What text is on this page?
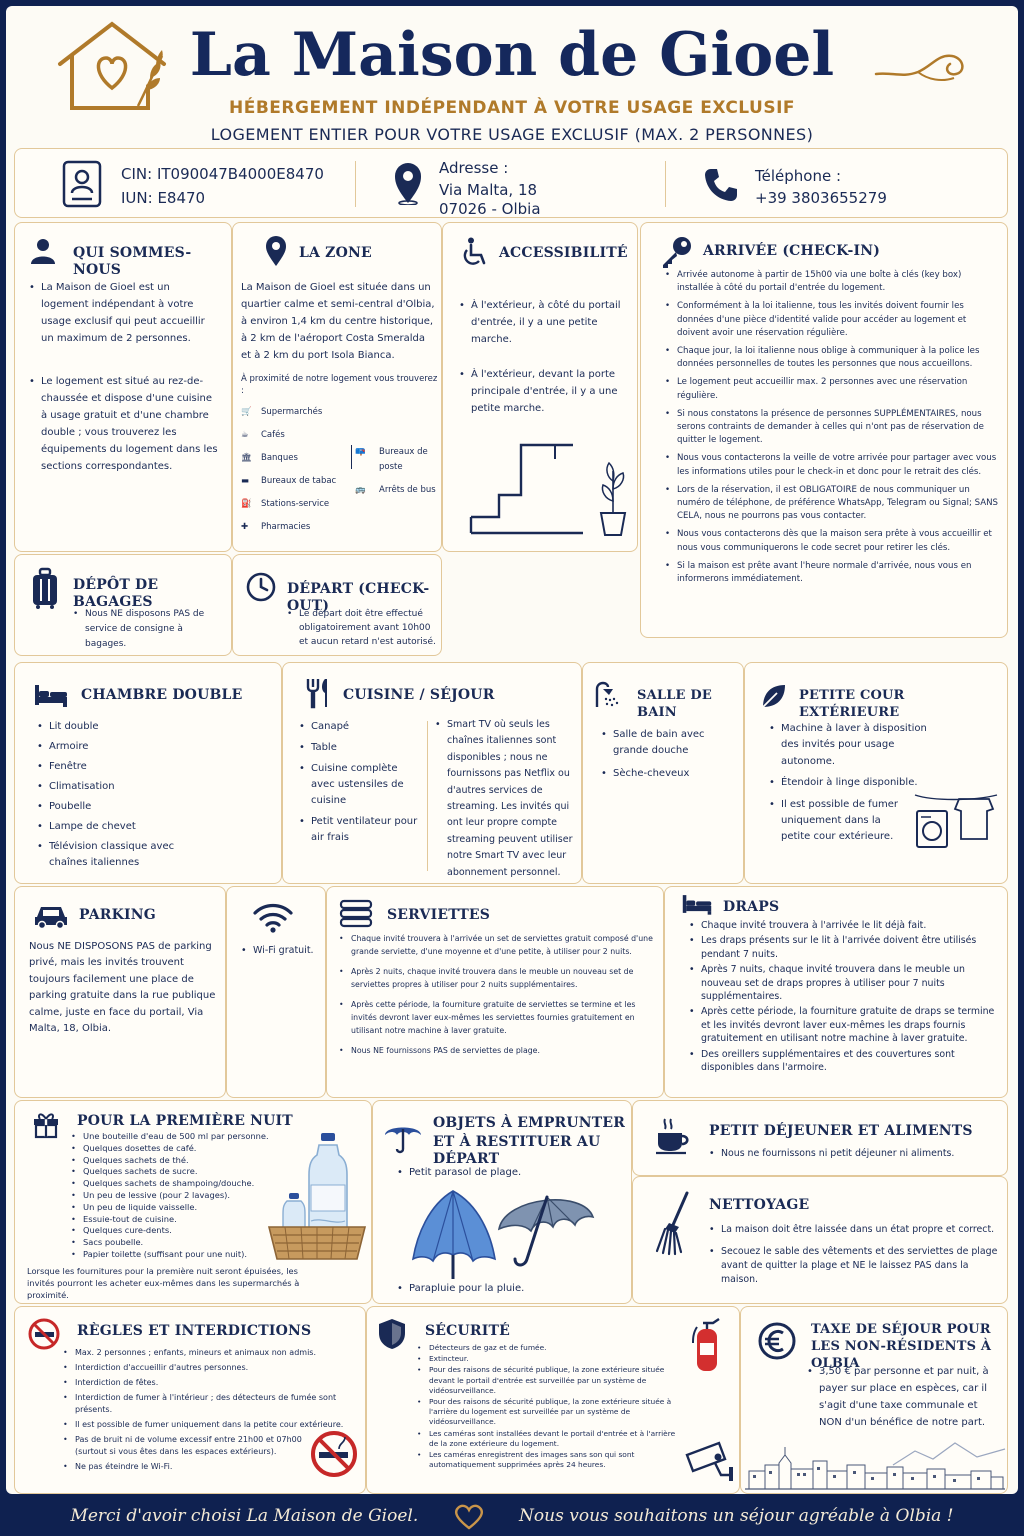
La Maison de Gioel
HÉBERGEMENT INDÉPENDANT À VOTRE USAGE EXCLUSIF
LOGEMENT ENTIER POUR VOTRE USAGE EXCLUSIF (MAX. 2 PERSONNES)
CIN: IT090047B4000E8470
IUN: E8470
Adresse :
Via Malta, 18
07026 - Olbia
Téléphone :
+39 3803655279
QUI SOMMES-NOUS
• La Maison de Gioel est un logement indépendant à votre usage exclusif qui peut accueillir un maximum de 2 personnes.
• Le logement est situé au rez-de-chaussée et dispose d'une cuisine à usage gratuit et d'une chambre double ; vous trouverez les équipements du logement dans les sections correspondantes.
LA ZONE

La Maison de Gioel est située dans un quartier calme et semi-central d'Olbia, à environ 1,4 km du centre historique, à 2 km de l'aéroport Costa Smeralda et à 2 km du port Isola Bianca.

À proximité de notre logement vous trouverez :

🛒 Supermarchés
☕ Cafés
🏛 Banques
▬ Bureaux de tabac
⛽ Stations-service
✚ Pharmacies
📪	Bureaux de poste
🚌	Arrêts de bus
ACCESSIBILITÉ
• À l'extérieur, à côté du portail d'entrée, il y a une petite marche.
• À l'extérieur, devant la porte principale d'entrée, il y a une petite marche.
ARRIVÉE (CHECK-IN)
• Arrivée autonome à partir de 15h00 via une boîte à clés (key box) installée à côté du portail d'entrée du logement.
• Conformément à la loi italienne, tous les invités doivent fournir les données d'une pièce d'identité valide pour accéder au logement et doivent avoir une réservation régulière.
• Chaque jour, la loi italienne nous oblige à communiquer à la police les données personnelles de toutes les personnes que nous accueillons.
• Le logement peut accueillir max. 2 personnes avec une réservation régulière.
• Si nous constatons la présence de personnes SUPPLÉMENTAIRES, nous serons contraints de demander à celles qui n'ont pas de réservation de quitter le logement.
• Nous vous contacterons la veille de votre arrivée pour partager avec vous les informations utiles pour le check-in et donc pour le retrait des clés.
• Lors de la réservation, il est OBLIGATOIRE de nous communiquer un numéro de téléphone, de préférence WhatsApp, Telegram ou Signal; SANS CELA, nous ne pourrons pas vous contacter.
• Nous vous contacterons dès que la maison sera prête à vous accueillir et nous vous communiquerons le code secret pour retirer les clés.
• Si la maison est prête avant l'heure normale d'arrivée, nous vous en informerons immédiatement.
DÉPÔT DE BAGAGES
• Nous NE disposons PAS de service de consigne à bagages.
DÉPART (CHECK-OUT)
• Le départ doit être effectué obligatoirement avant 10h00 et aucun retard n'est autorisé.
CHAMBRE DOUBLE
• Lit double
• Armoire
• Fenêtre
• Climatisation
• Poubelle
• Lampe de chevet
• Télévision classique avec chaînes italiennes
CUISINE / SÉJOUR
• Canapé
• Table
• Cuisine complète avec ustensiles de cuisine
• Petit ventilateur pour air frais
• Smart TV où seuls les chaînes italiennes sont disponibles ; nous ne fournissons pas Netflix ou d'autres services de streaming. Les invités qui ont leur propre compte streaming peuvent utiliser notre Smart TV avec leur abonnement personnel.
SALLE DE BAIN
• Salle de bain avec grande douche
• Sèche-cheveux
PETITE COUR EXTÉRIEURE
• Machine à laver à disposition des invités pour usage autonome.
• Étendoir à linge disponible.
• Il est possible de fumer uniquement dans la petite cour extérieure.
PARKING

Nous NE DISPOSONS PAS de parking privé, mais les invités trouvent toujours facilement une place de parking gratuite dans la rue publique calme, juste en face du portail, Via Malta, 18, Olbia.

• Wi-Fi gratuit.
SERVIETTES
• Chaque invité trouvera à l'arrivée un set de serviettes gratuit composé d'une grande serviette, d'une moyenne et d'une petite, à utiliser pour 2 nuits.
• Après 2 nuits, chaque invité trouvera dans le meuble un nouveau set de serviettes propres à utiliser pour 2 nuits supplémentaires.
• Après cette période, la fourniture gratuite de serviettes se termine et les invités devront laver eux-mêmes les serviettes fournies gratuitement en utilisant notre machine à laver gratuite.
• Nous NE fournissons PAS de serviettes de plage.
DRAPS
• Chaque invité trouvera à l'arrivée le lit déjà fait.
• Les draps présents sur le lit à l'arrivée doivent être utilisés pendant 7 nuits.
• Après 7 nuits, chaque invité trouvera dans le meuble un nouveau set de draps propres à utiliser pour 7 nuits supplémentaires.
• Après cette période, la fourniture gratuite de draps se termine et les invités devront laver eux-mêmes les draps fournis gratuitement en utilisant notre machine à laver gratuite.
• Des oreillers supplémentaires et des couvertures sont disponibles dans l'armoire.
POUR LA PREMIÈRE NUIT
• Une bouteille d'eau de 500 ml par personne.
• Quelques dosettes de café.
• Quelques sachets de thé.
• Quelques sachets de sucre.
• Quelques sachets de shampoing/douche.
• Un peu de lessive (pour 2 lavages).
• Un peu de liquide vaisselle.
• Essuie-tout de cuisine.
• Quelques cure-dents.
• Sacs poubelle.
• Papier toilette (suffisant pour une nuit).

Lorsque les fournitures pour la première nuit seront épuisées, les invités pourront les acheter eux-mêmes dans les supermarchés à proximité.

OBJETS À EMPRUNTER
ET À RESTITUER AU DÉPART
• Petit parasol de plage.
• Parapluie pour la pluie.
PETIT DÉJEUNER ET ALIMENTS
• Nous ne fournissons ni petit déjeuner ni aliments.
NETTOYAGE
• La maison doit être laissée dans un état propre et correct.
• Secouez le sable des vêtements et des serviettes de plage avant de quitter la plage et NE le laissez PAS dans la maison.
RÈGLES ET INTERDICTIONS
• Max. 2 personnes ; enfants, mineurs et animaux non admis.
• Interdiction d'accueillir d'autres personnes.
• Interdiction de fêtes.
• Interdiction de fumer à l'intérieur ; des détecteurs de fumée sont présents.
• Il est possible de fumer uniquement dans la petite cour extérieure.
• Pas de bruit ni de volume excessif entre 21h00 et 07h00 (surtout si vous êtes dans les espaces extérieurs).
• Ne pas éteindre le Wi-Fi.
SÉCURITÉ
• Détecteurs de gaz et de fumée.
• Extincteur.
• Pour des raisons de sécurité publique, la zone extérieure située devant le portail d'entrée est surveillée par un système de vidéosurveillance.
• Pour des raisons de sécurité publique, la zone extérieure située à l'arrière du logement est surveillée par un système de vidéosurveillance.
• Les caméras sont installées devant le portail d'entrée et à l'arrière de la zone extérieure du logement.
• Les caméras enregistrent des images sans son qui sont automatiquement supprimées après 24 heures.
TAXE DE SÉJOUR POUR
LES NON-RÉSIDENTS À OLBIA
• 3,50 € par personne et par nuit, à payer sur place en espèces, car il s'agit d'une taxe communale et NON d'un bénéfice de notre part.
Merci d'avoir choisi La Maison de Gioel.	Nous vous souhaitons un séjour agréable à Olbia !
